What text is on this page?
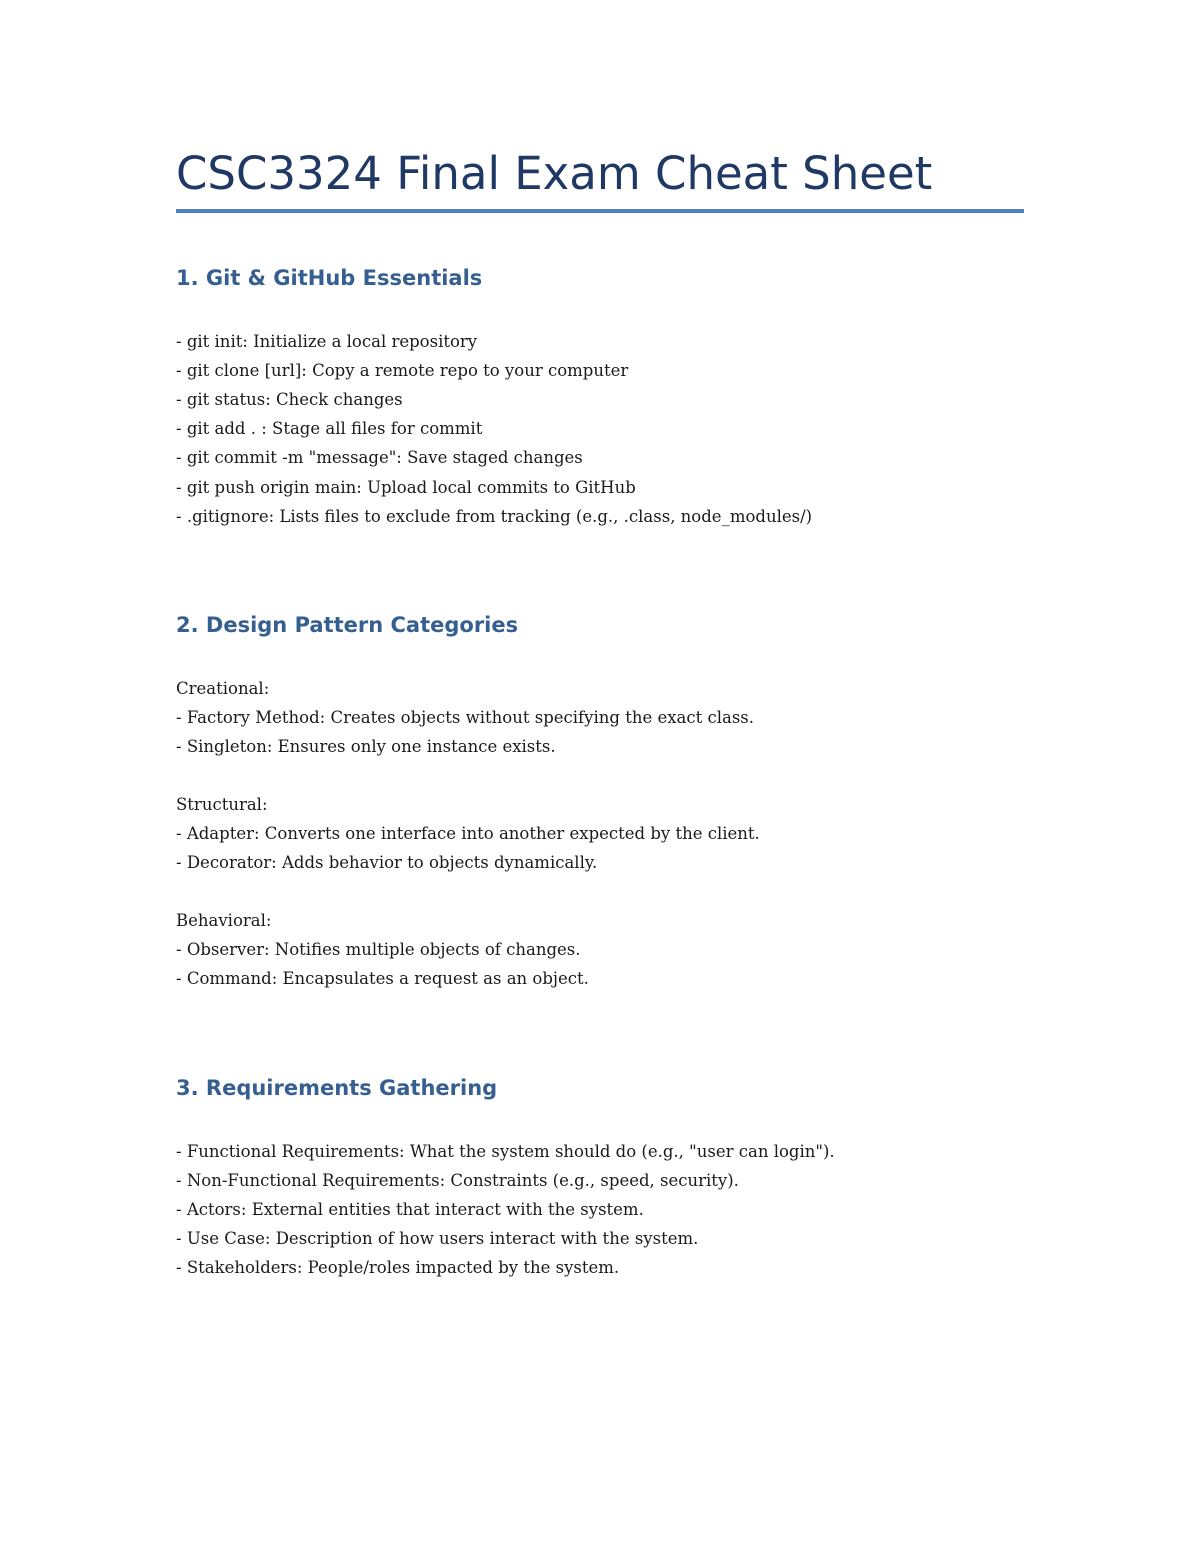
CSC3324 Final Exam Cheat Sheet
1. Git & GitHub Essentials
- git init: Initialize a local repository
- git clone [url]: Copy a remote repo to your computer
- git status: Check changes
- git add . : Stage all files for commit
- git commit -m "message": Save staged changes
- git push origin main: Upload local commits to GitHub
- .gitignore: Lists files to exclude from tracking (e.g., .class, node_modules/)
2. Design Pattern Categories
Creational:
- Factory Method: Creates objects without specifying the exact class.
- Singleton: Ensures only one instance exists.
Structural:
- Adapter: Converts one interface into another expected by the client.
- Decorator: Adds behavior to objects dynamically.
Behavioral:
- Observer: Notifies multiple objects of changes.
- Command: Encapsulates a request as an object.
3. Requirements Gathering
- Functional Requirements: What the system should do (e.g., "user can login").
- Non-Functional Requirements: Constraints (e.g., speed, security).
- Actors: External entities that interact with the system.
- Use Case: Description of how users interact with the system.
- Stakeholders: People/roles impacted by the system.
